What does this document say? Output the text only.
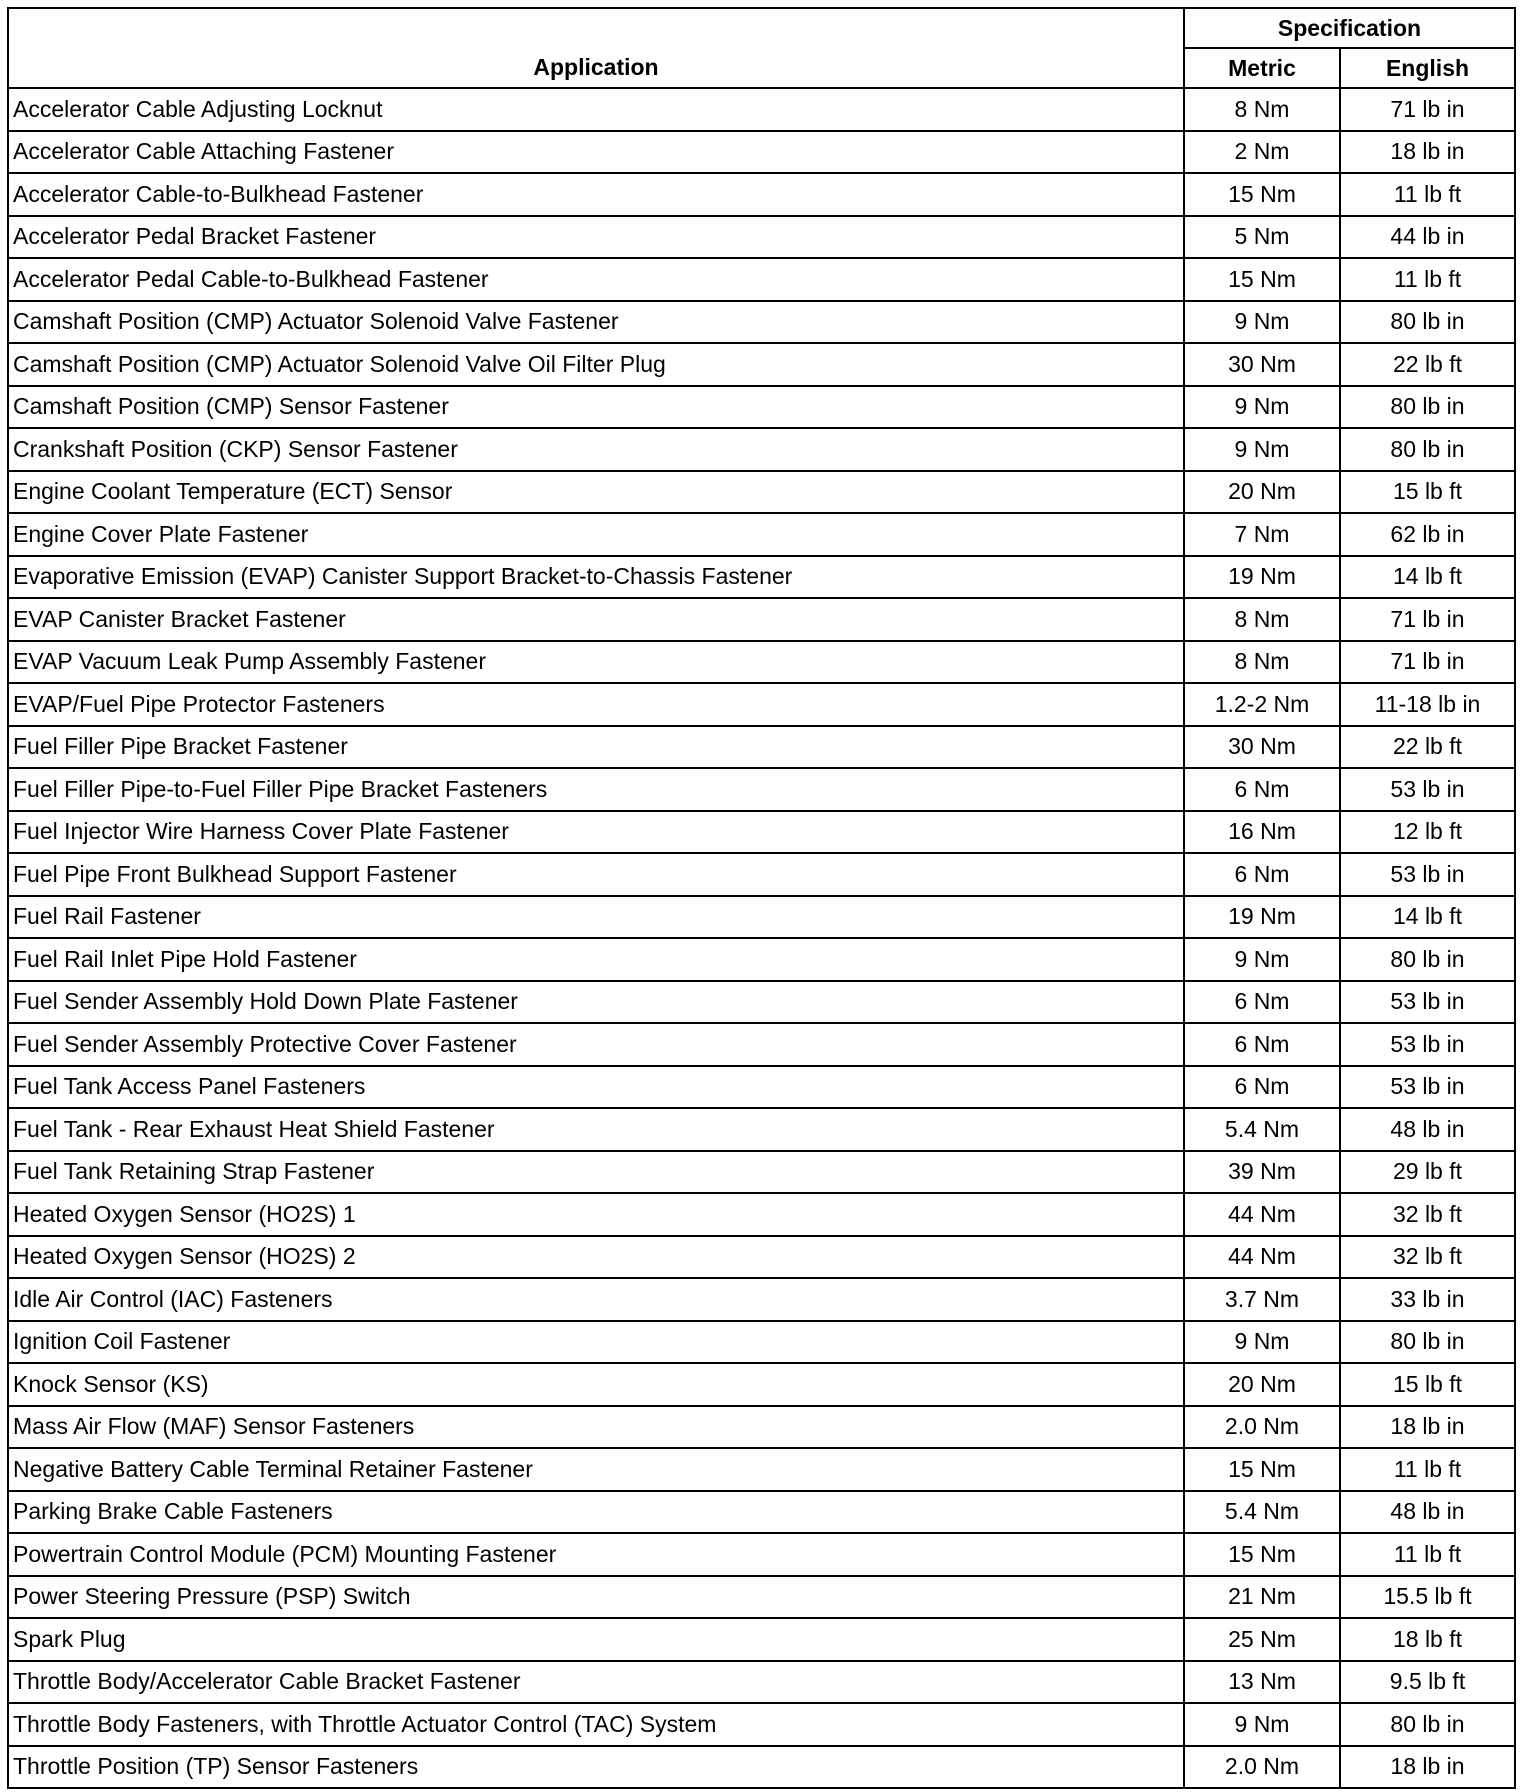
Application	Specification	
	Metric	English
Accelerator Cable Adjusting Locknut	8 Nm	71 lb in
Accelerator Cable Attaching Fastener	2 Nm	18 lb in
Accelerator Cable-to-Bulkhead Fastener	15 Nm	11 lb ft
Accelerator Pedal Bracket Fastener	5 Nm	44 lb in
Accelerator Pedal Cable-to-Bulkhead Fastener	15 Nm	11 lb ft
Camshaft Position (CMP) Actuator Solenoid Valve Fastener	9 Nm	80 lb in
Camshaft Position (CMP) Actuator Solenoid Valve Oil Filter Plug	30 Nm	22 lb ft
Camshaft Position (CMP) Sensor Fastener	9 Nm	80 lb in
Crankshaft Position (CKP) Sensor Fastener	9 Nm	80 lb in
Engine Coolant Temperature (ECT) Sensor	20 Nm	15 lb ft
Engine Cover Plate Fastener	7 Nm	62 lb in
Evaporative Emission (EVAP) Canister Support Bracket-to-Chassis Fastener	19 Nm	14 lb ft
EVAP Canister Bracket Fastener	8 Nm	71 lb in
EVAP Vacuum Leak Pump Assembly Fastener	8 Nm	71 lb in
EVAP/Fuel Pipe Protector Fasteners	1.2-2 Nm	11-18 lb in
Fuel Filler Pipe Bracket Fastener	30 Nm	22 lb ft
Fuel Filler Pipe-to-Fuel Filler Pipe Bracket Fasteners	6 Nm	53 lb in
Fuel Injector Wire Harness Cover Plate Fastener	16 Nm	12 lb ft
Fuel Pipe Front Bulkhead Support Fastener	6 Nm	53 lb in
Fuel Rail Fastener	19 Nm	14 lb ft
Fuel Rail Inlet Pipe Hold Fastener	9 Nm	80 lb in
Fuel Sender Assembly Hold Down Plate Fastener	6 Nm	53 lb in
Fuel Sender Assembly Protective Cover Fastener	6 Nm	53 lb in
Fuel Tank Access Panel Fasteners	6 Nm	53 lb in
Fuel Tank - Rear Exhaust Heat Shield Fastener	5.4 Nm	48 lb in
Fuel Tank Retaining Strap Fastener	39 Nm	29 lb ft
Heated Oxygen Sensor (HO2S) 1	44 Nm	32 lb ft
Heated Oxygen Sensor (HO2S) 2	44 Nm	32 lb ft
Idle Air Control (IAC) Fasteners	3.7 Nm	33 lb in
Ignition Coil Fastener	9 Nm	80 lb in
Knock Sensor (KS)	20 Nm	15 lb ft
Mass Air Flow (MAF) Sensor Fasteners	2.0 Nm	18 lb in
Negative Battery Cable Terminal Retainer Fastener	15 Nm	11 lb ft
Parking Brake Cable Fasteners	5.4 Nm	48 lb in
Powertrain Control Module (PCM) Mounting Fastener	15 Nm	11 lb ft
Power Steering Pressure (PSP) Switch	21 Nm	15.5 lb ft
Spark Plug	25 Nm	18 lb ft
Throttle Body/Accelerator Cable Bracket Fastener	13 Nm	9.5 lb ft
Throttle Body Fasteners, with Throttle Actuator Control (TAC) System	9 Nm	80 lb in
Throttle Position (TP) Sensor Fasteners	2.0 Nm	18 lb in
